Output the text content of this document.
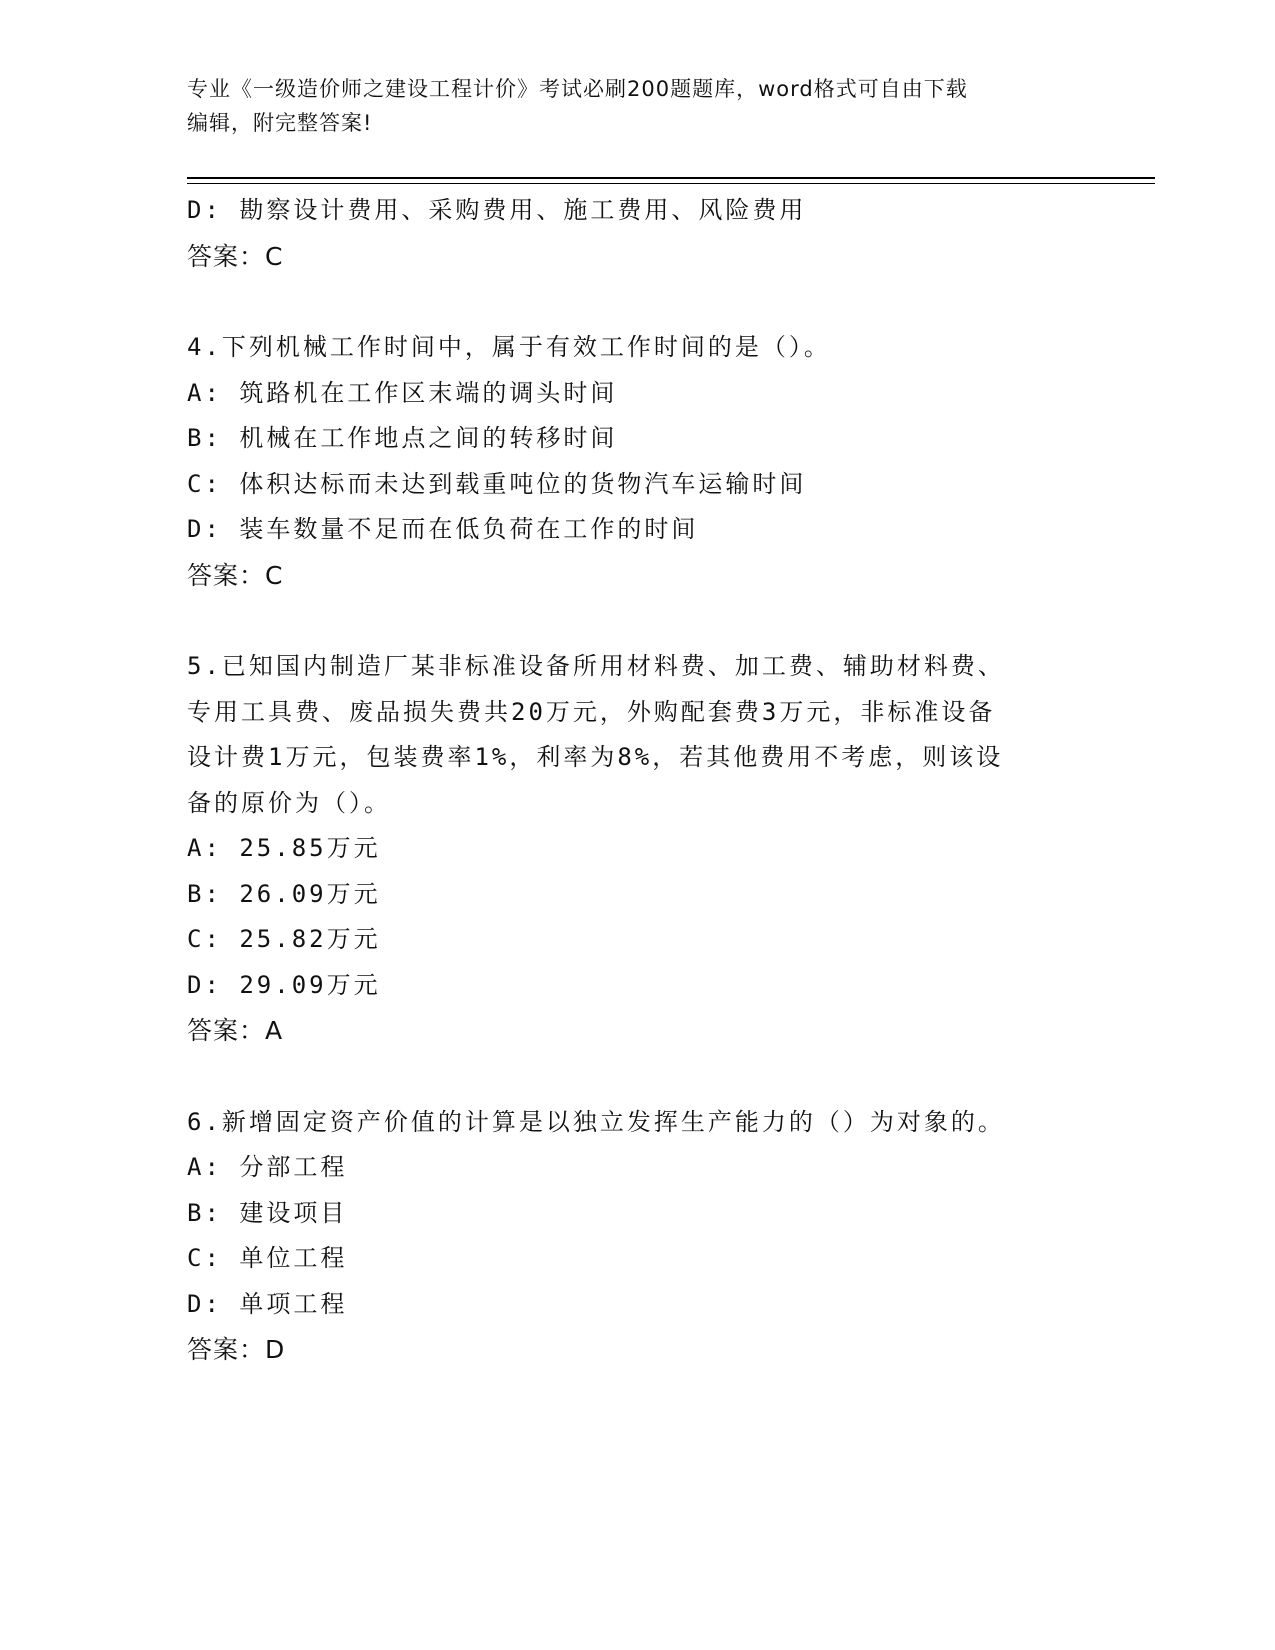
专业《一级造价师之建设工程计价》考试必刷200题题库，word格式可自由下载
编辑，附完整答案!
D: 勘察设计费用、采购费用、施工费用、风险费用
答案：C
4.下列机械工作时间中，属于有效工作时间的是（）。
A: 筑路机在工作区末端的调头时间
B: 机械在工作地点之间的转移时间
C: 体积达标而未达到载重吨位的货物汽车运输时间
D: 装车数量不足而在低负荷在工作的时间
答案：C
5.已知国内制造厂某非标准设备所用材料费、加工费、辅助材料费、
专用工具费、废品损失费共20万元，外购配套费3万元，非标准设备
设计费1万元，包装费率1%，利率为8%，若其他费用不考虑，则该设
备的原价为（）。
A: 25.85万元
B: 26.09万元
C: 25.82万元
D: 29.09万元
答案：A
6.新增固定资产价值的计算是以独立发挥生产能力的（）为对象的。
A: 分部工程
B: 建设项目
C: 单位工程
D: 单项工程
答案：D
